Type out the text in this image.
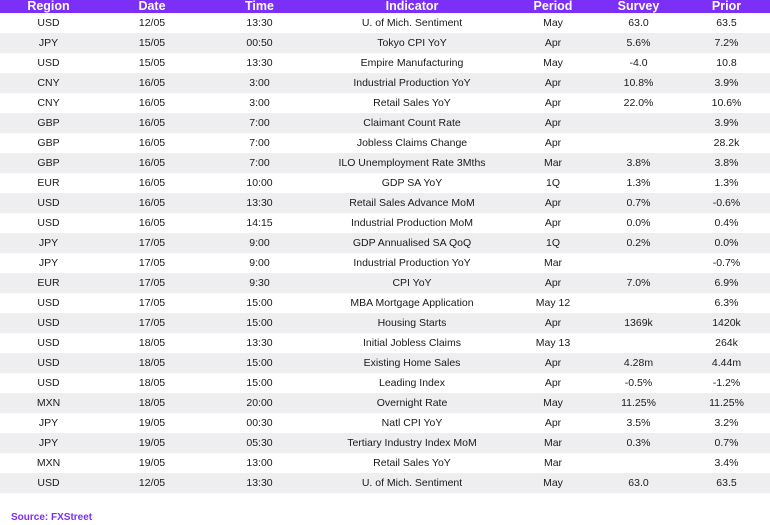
Region	Date	Time	Indicator	Period	Survey	Prior
USD	12/05	13:30	U. of Mich. Sentiment	May	63.0	63.5
JPY	15/05	00:50	Tokyo CPI YoY	Apr	5.6%	7.2%
USD	15/05	13:30	Empire Manufacturing	May	-4.0	10.8
CNY	16/05	3:00	Industrial Production YoY	Apr	10.8%	3.9%
CNY	16/05	3:00	Retail Sales YoY	Apr	22.0%	10.6%
GBP	16/05	7:00	Claimant Count Rate	Apr		3.9%
GBP	16/05	7:00	Jobless Claims Change	Apr		28.2k
GBP	16/05	7:00	ILO Unemployment Rate 3Mths	Mar	3.8%	3.8%
EUR	16/05	10:00	GDP SA YoY	1Q	1.3%	1.3%
USD	16/05	13:30	Retail Sales Advance MoM	Apr	0.7%	-0.6%
USD	16/05	14:15	Industrial Production MoM	Apr	0.0%	0.4%
JPY	17/05	9:00	GDP Annualised SA QoQ	1Q	0.2%	0.0%
JPY	17/05	9:00	Industrial Production YoY	Mar		-0.7%
EUR	17/05	9:30	CPI YoY	Apr	7.0%	6.9%
USD	17/05	15:00	MBA Mortgage Application	May 12		6.3%
USD	17/05	15:00	Housing Starts	Apr	1369k	1420k
USD	18/05	13:30	Initial Jobless Claims	May 13		264k
USD	18/05	15:00	Existing Home Sales	Apr	4.28m	4.44m
USD	18/05	15:00	Leading Index	Apr	-0.5%	-1.2%
MXN	18/05	20:00	Overnight Rate	May	11.25%	11.25%
JPY	19/05	00:30	Natl CPI YoY	Apr	3.5%	3.2%
JPY	19/05	05:30	Tertiary Industry Index MoM	Mar	0.3%	0.7%
MXN	19/05	13:00	Retail Sales YoY	Mar		3.4%
USD	12/05	13:30	U. of Mich. Sentiment	May	63.0	63.5
Source: FXStreet
